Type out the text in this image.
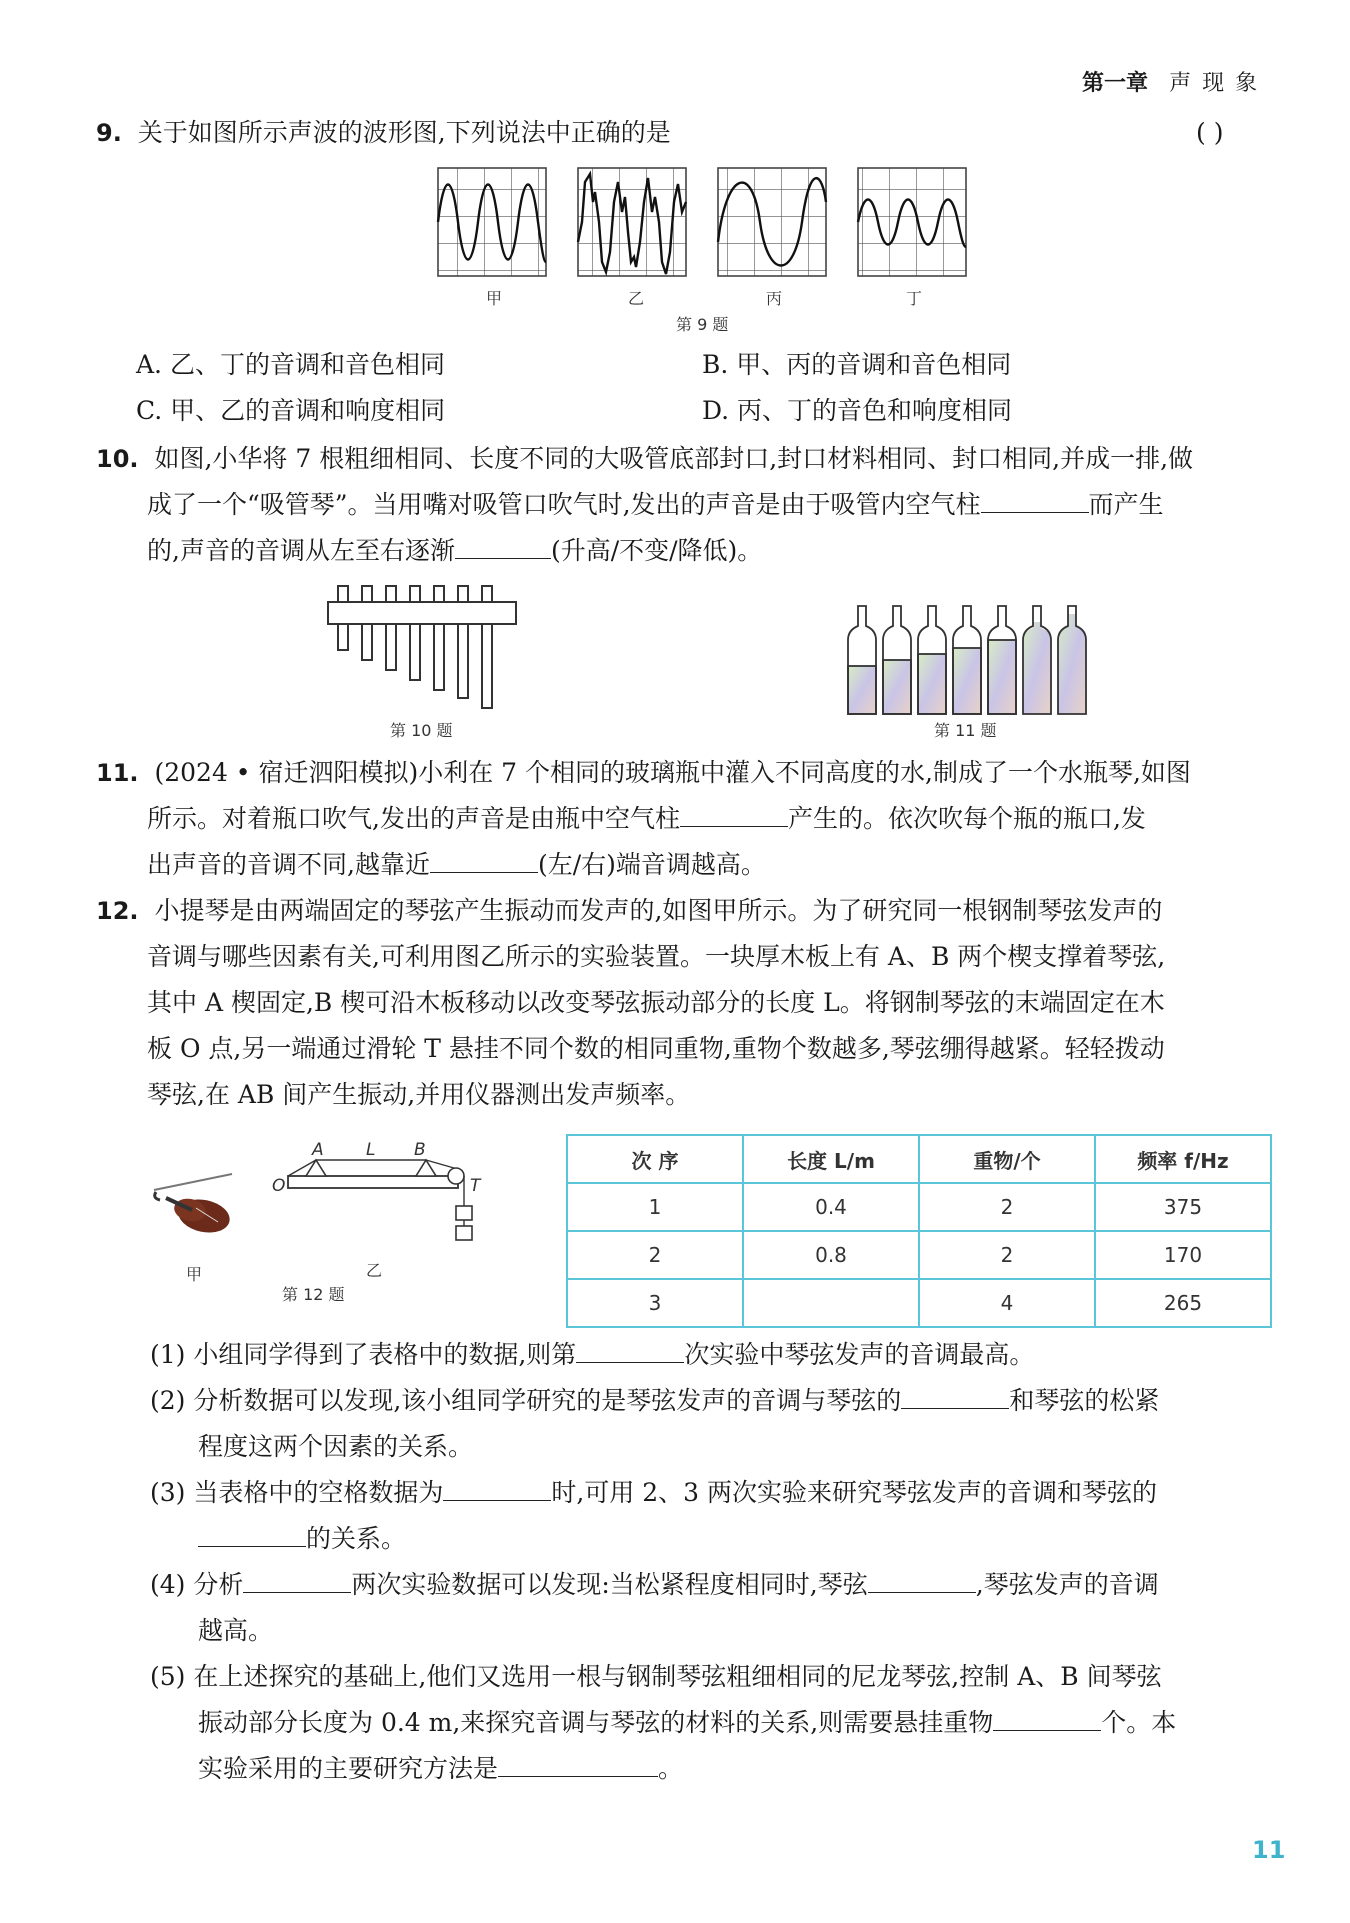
第一章 声 现 象
9. 关于如图所示声波的波形图,下列说法中正确的是	( )
甲	乙	丙	丁
第 9 题
A. 乙、丁的音调和音色相同	B. 甲、丙的音调和音色相同
C. 甲、乙的音调和响度相同	D. 丙、丁的音色和响度相同
10. 如图,小华将 7 根粗细相同、长度不同的大吸管底部封口,封口材料相同、封口相同,并成一排,做
成了一个“吸管琴”。当用嘴对吸管口吹气时,发出的声音是由于吸管内空气柱	而产生
的,声音的音调从左至右逐渐	(升高/不变/降低)。
第 10 题	第 11 题
11. (2024 • 宿迁泗阳模拟)小利在 7 个相同的玻璃瓶中灌入不同高度的水,制成了一个水瓶琴,如图
所示。对着瓶口吹气,发出的声音是由瓶中空气柱	产生的。依次吹每个瓶的瓶口,发
出声音的音调不同,越靠近	(左/右)端音调越高。
12. 小提琴是由两端固定的琴弦产生振动而发声的,如图甲所示。为了研究同一根钢制琴弦发声的
音调与哪些因素有关,可利用图乙所示的实验装置。一块厚木板上有 A、B 两个楔支撑着琴弦,
其中 A 楔固定,B 楔可沿木板移动以改变琴弦振动部分的长度 L。将钢制琴弦的末端固定在木
板 O 点,另一端通过滑轮 T 悬挂不同个数的相同重物,重物个数越多,琴弦绷得越紧。轻轻拨动
琴弦,在 AB 间产生振动,并用仪器测出发声频率。
甲
A L B
O	T
乙
第 12 题
次 序	长度 L/m	重物/个	频率 f/Hz
1	0.4	2	375
2	0.8	2	170
3		4	265
(1) 小组同学得到了表格中的数据,则第	次实验中琴弦发声的音调最高。
(2) 分析数据可以发现,该小组同学研究的是琴弦发声的音调与琴弦的	和琴弦的松紧
程度这两个因素的关系。
(3) 当表格中的空格数据为	时,可用 2、3 两次实验来研究琴弦发声的音调和琴弦的
的关系。
(4) 分析	两次实验数据可以发现:当松紧程度相同时,琴弦	,琴弦发声的音调
越高。
(5) 在上述探究的基础上,他们又选用一根与钢制琴弦粗细相同的尼龙琴弦,控制 A、B 间琴弦
振动部分长度为 0.4 m,来探究音调与琴弦的材料的关系,则需要悬挂重物	个。本
实验采用的主要研究方法是	。
11
